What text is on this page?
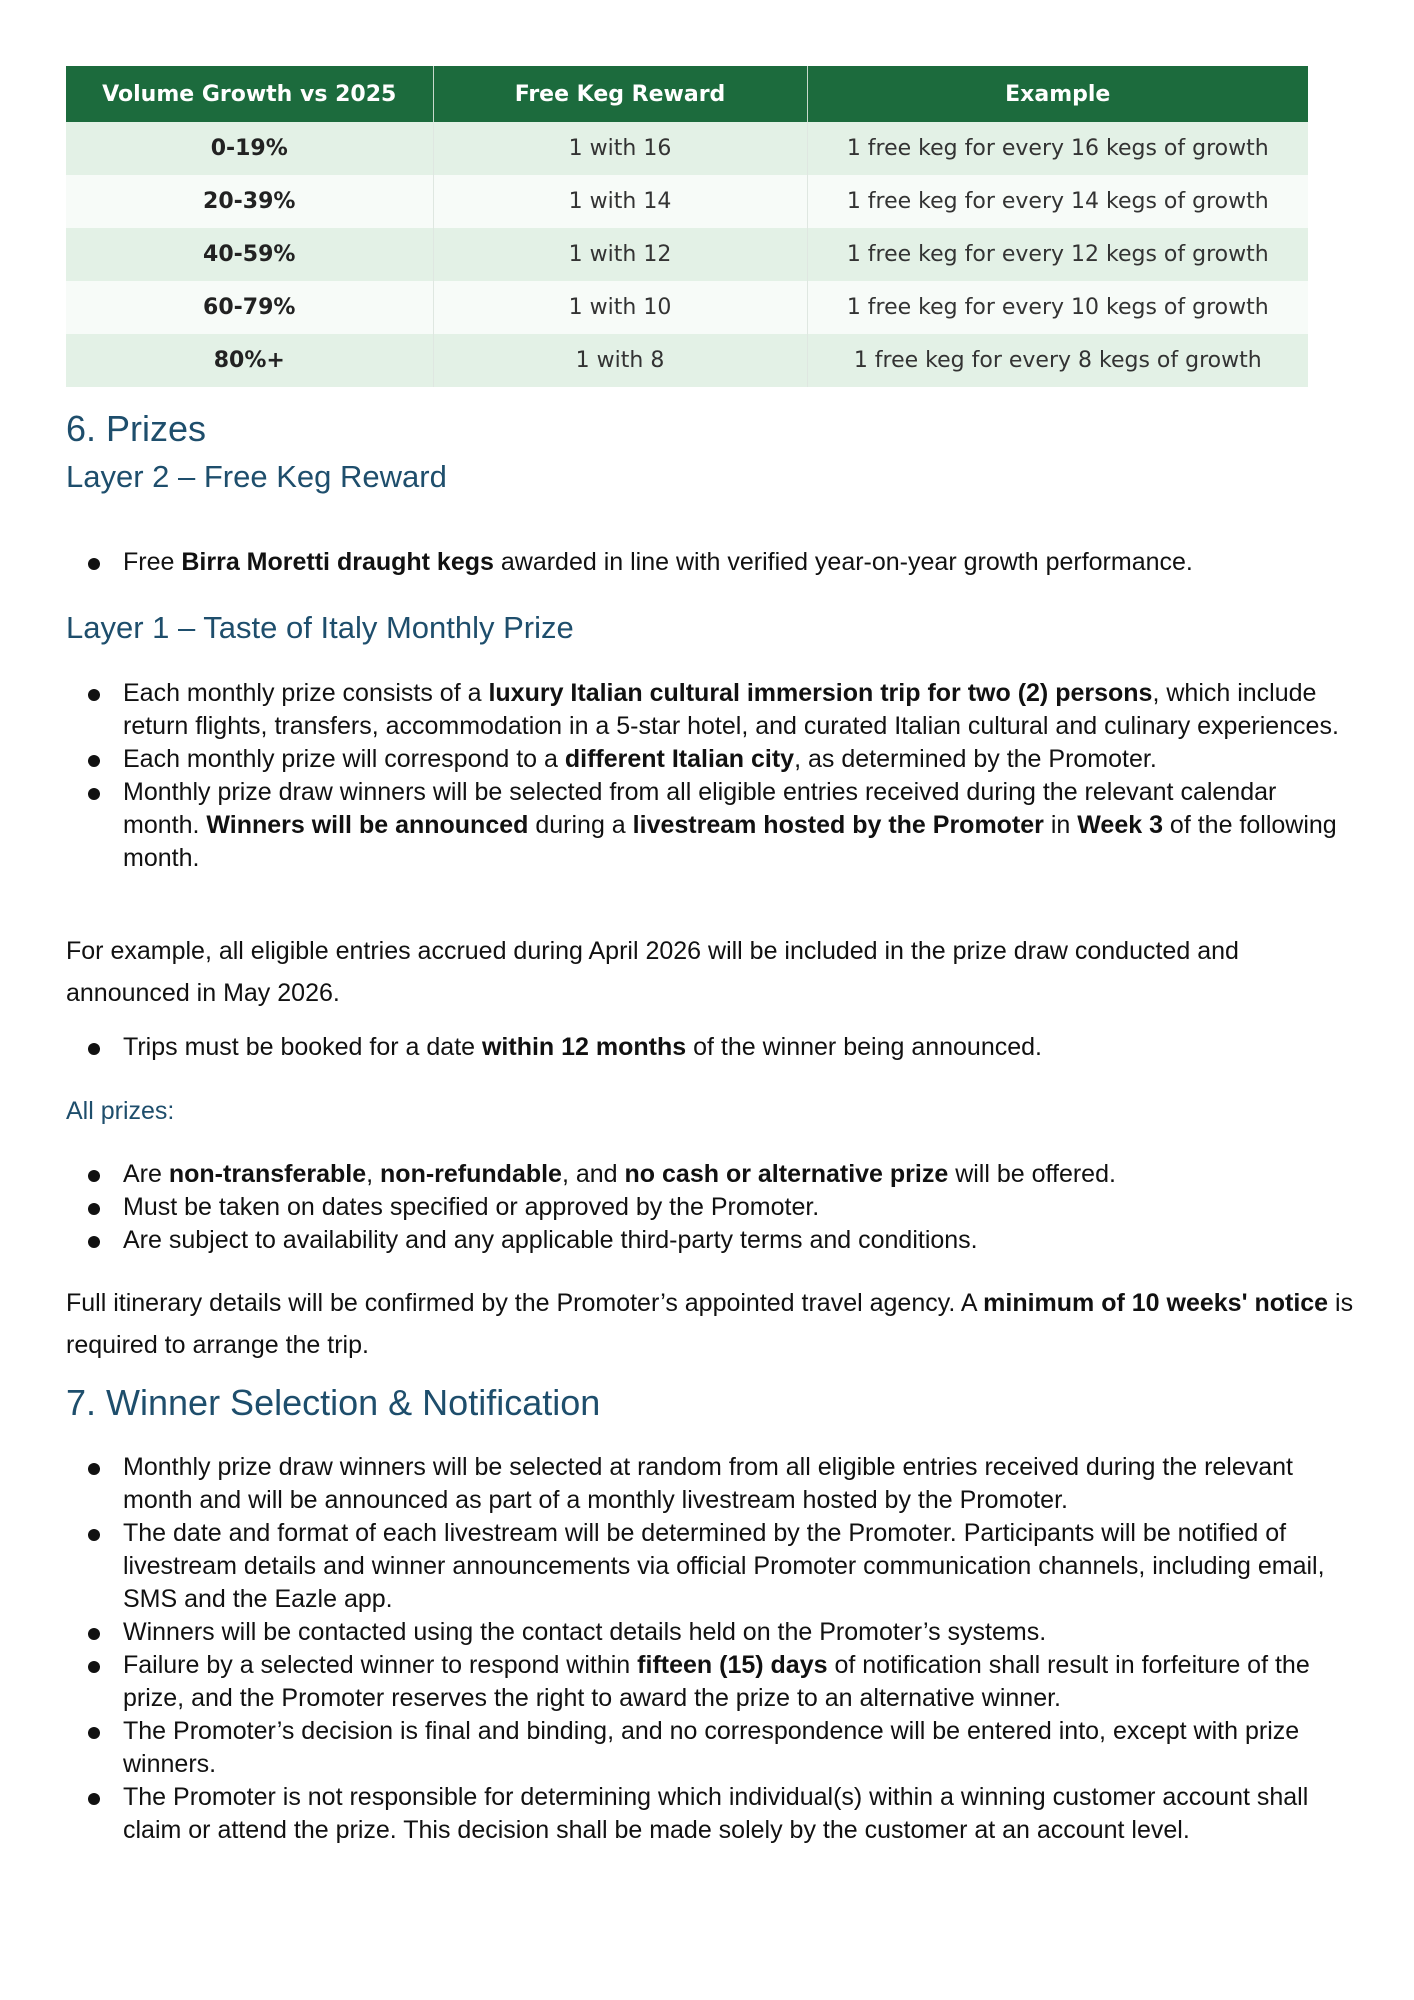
Volume Growth vs 2025	Free Keg Reward	Example
0-19%	1 with 16	1 free keg for every 16 kegs of growth
20-39%	1 with 14	1 free keg for every 14 kegs of growth
40-59%	1 with 12	1 free keg for every 12 kegs of growth
60-79%	1 with 10	1 free keg for every 10 kegs of growth
80%+	1 with 8	1 free keg for every 8 kegs of growth
6. Prizes
Layer 2 – Free Keg Reward
Free Birra Moretti draught kegs awarded in line with verified year-on-year growth performance.
Layer 1 – Taste of Italy Monthly Prize
Each monthly prize consists of a luxury Italian cultural immersion trip for two (2) persons, which include return flights, transfers, accommodation in a 5-star hotel, and curated Italian cultural and culinary experiences.
Each monthly prize will correspond to a different Italian city, as determined by the Promoter.
Monthly prize draw winners will be selected from all eligible entries received during the relevant calendar month. Winners will be announced during a livestream hosted by the Promoter in Week 3 of the following month.

For example, all eligible entries accrued during April 2026 will be included in the prize draw conducted and announced in May 2026.

Trips must be booked for a date within 12 months of the winner being announced.
All prizes:
Are non-transferable, non-refundable, and no cash or alternative prize will be offered.
Must be taken on dates specified or approved by the Promoter.
Are subject to availability and any applicable third-party terms and conditions.

Full itinerary details will be confirmed by the Promoter’s appointed travel agency. A minimum of 10 weeks' notice is required to arrange the trip.

7. Winner Selection & Notification
Monthly prize draw winners will be selected at random from all eligible entries received during the relevant month and will be announced as part of a monthly livestream hosted by the Promoter.
The date and format of each livestream will be determined by the Promoter. Participants will be notified of livestream details and winner announcements via official Promoter communication channels, including email, SMS and the Eazle app.
Winners will be contacted using the contact details held on the Promoter’s systems.
Failure by a selected winner to respond within fifteen (15) days of notification shall result in forfeiture of the prize, and the Promoter reserves the right to award the prize to an alternative winner.
The Promoter’s decision is final and binding, and no correspondence will be entered into, except with prize winners.
The Promoter is not responsible for determining which individual(s) within a winning customer account shall claim or attend the prize. This decision shall be made solely by the customer at an account level.
